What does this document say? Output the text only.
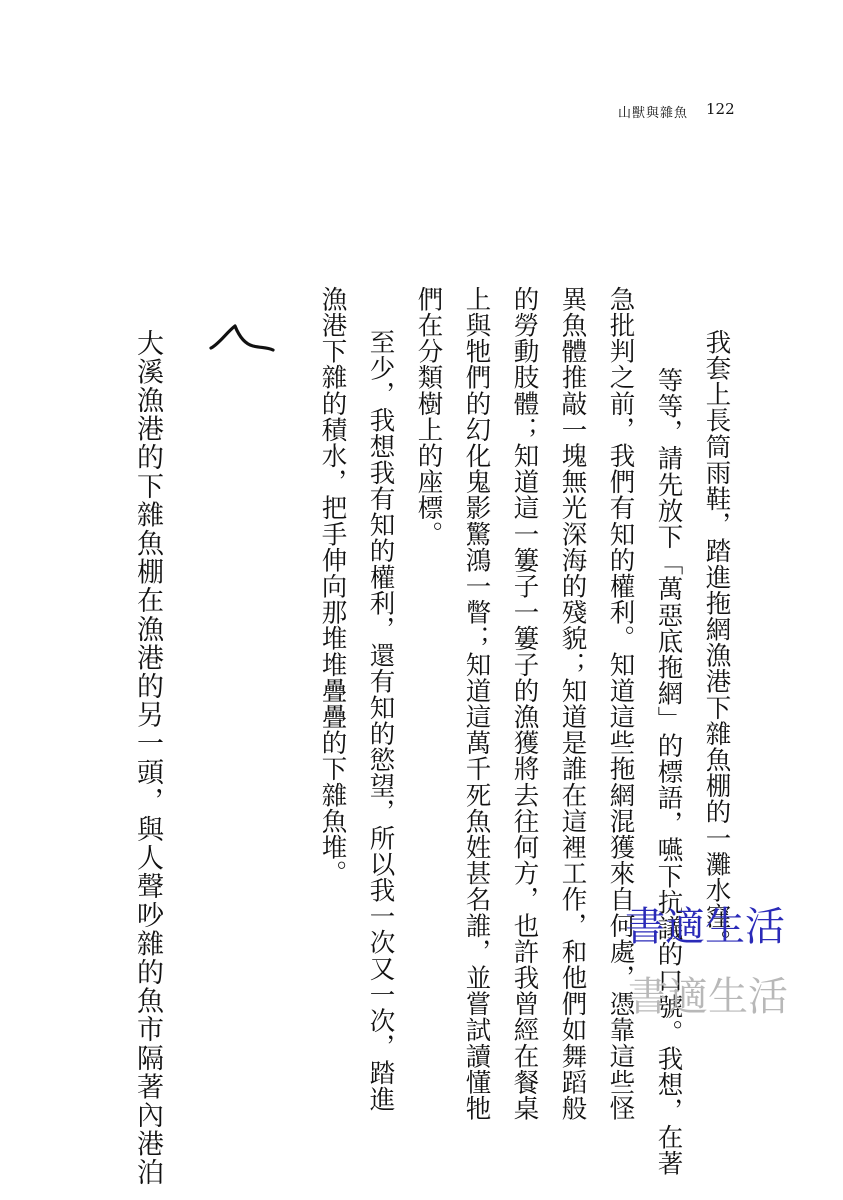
山獸與雜魚 122
我套上長筒雨鞋，踏進拖網漁港下雜魚棚的一灘水窪。
等等，請先放下「萬惡底拖網」的標語，嚥下抗議的口號。我想，在著
急批判之前，我們有知的權利。知道這些拖網混獲來自何處，憑靠這些怪
異魚體推敲一塊無光深海的殘貌；知道是誰在這裡工作，和他們如舞蹈般
的勞動肢體；知道這一簍子一簍子的漁獲將去往何方，也許我曾經在餐桌
上與牠們的幻化鬼影驚鴻一瞥；知道這萬千死魚姓甚名誰，並嘗試讀懂牠
們在分類樹上的座標。
至少，我想我有知的權利，還有知的慾望，所以我一次又一次，踏進
漁港下雜的積水，把手伸向那堆堆疊疊的下雜魚堆。
大溪漁港的下雜魚棚在漁港的另一頭，與人聲吵雜的魚市隔著內港泊	書適生活
書適生活
